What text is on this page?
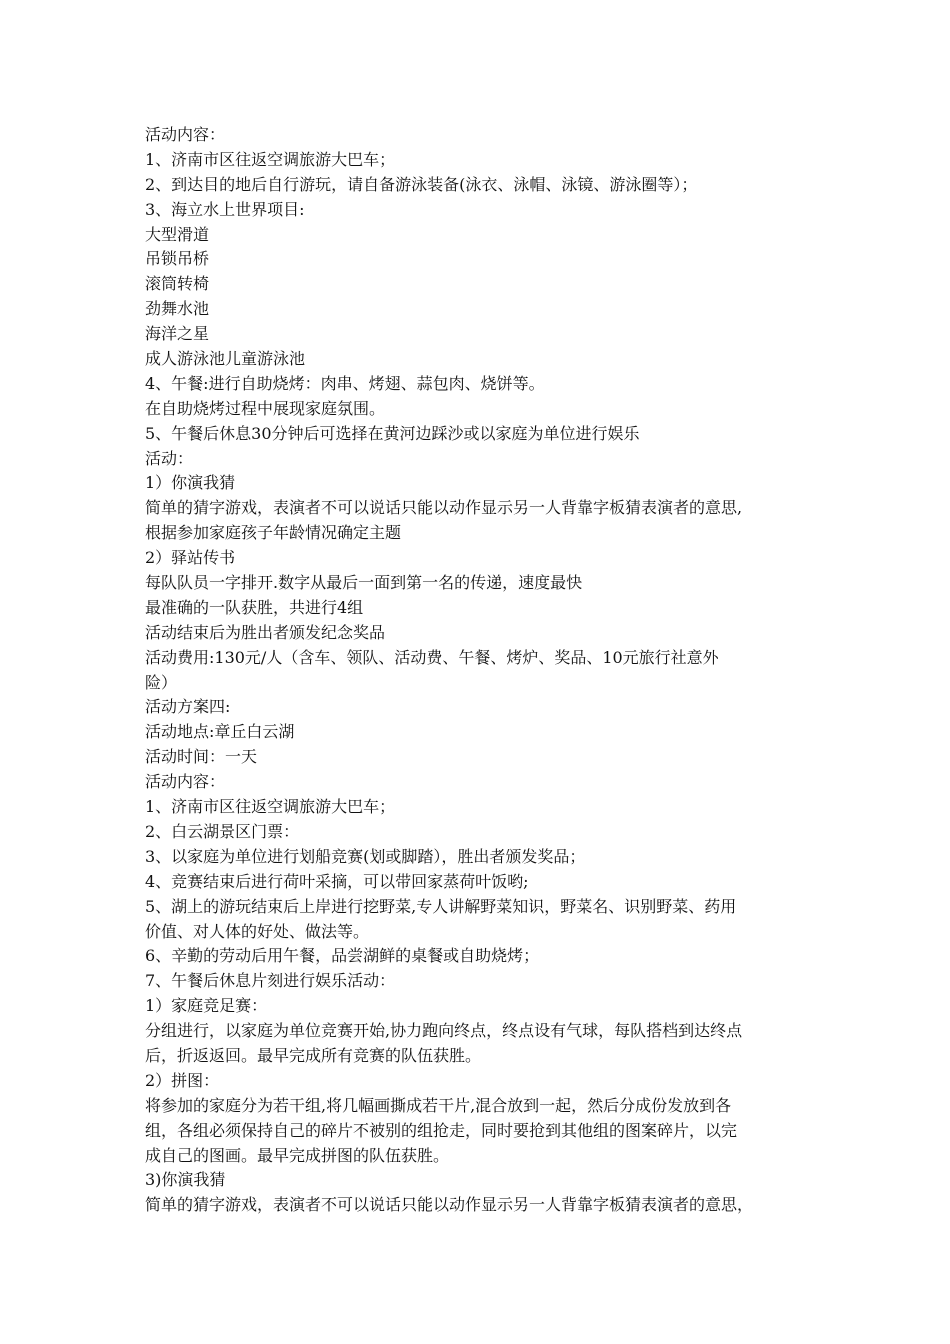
活动内容：
1、济南市区往返空调旅游大巴车；
2、到达目的地后自行游玩，请自备游泳装备(泳衣、泳帽、泳镜、游泳圈等）；
3、海立水上世界项目:
大型滑道
吊锁吊桥
滚筒转椅
劲舞水池
海洋之星
成人游泳池儿童游泳池
4、午餐:进行自助烧烤：肉串、烤翅、蒜包肉、烧饼等。
在自助烧烤过程中展现家庭氛围。
5、午餐后休息30分钟后可选择在黄河边踩沙或以家庭为单位进行娱乐
活动：
1）你演我猜
简单的猜字游戏，表演者不可以说话只能以动作显示另一人背靠字板猜表演者的意思,
根据参加家庭孩子年龄情况确定主题
2）驿站传书
每队队员一字排开.数字从最后一面到第一名的传递，速度最快
最准确的一队获胜，共进行4组
活动结束后为胜出者颁发纪念奖品
活动费用:130元/人（含车、领队、活动费、午餐、烤炉、奖品、10元旅行社意外
险）
活动方案四:
活动地点:章丘白云湖
活动时间：一天
活动内容：
1、济南市区往返空调旅游大巴车；
2、白云湖景区门票：
3、以家庭为单位进行划船竞赛(划或脚踏），胜出者颁发奖品；
4、竞赛结束后进行荷叶采摘，可以带回家蒸荷叶饭哟;
5、湖上的游玩结束后上岸进行挖野菜,专人讲解野菜知识，野菜名、识别野菜、药用
价值、对人体的好处、做法等。
6、辛勤的劳动后用午餐，品尝湖鲜的桌餐或自助烧烤；
7、午餐后休息片刻进行娱乐活动：
1）家庭竞足赛：
分组进行，以家庭为单位竞赛开始,协力跑向终点，终点设有气球，每队搭档到达终点
后，折返返回。最早完成所有竞赛的队伍获胜。
2）拼图：
将参加的家庭分为若干组,将几幅画撕成若干片,混合放到一起，然后分成份发放到各
组，各组必须保持自己的碎片不被别的组抢走，同时要抢到其他组的图案碎片，以完
成自己的图画。最早完成拼图的队伍获胜。
3)你演我猜
简单的猜字游戏，表演者不可以说话只能以动作显示另一人背靠字板猜表演者的意思，
